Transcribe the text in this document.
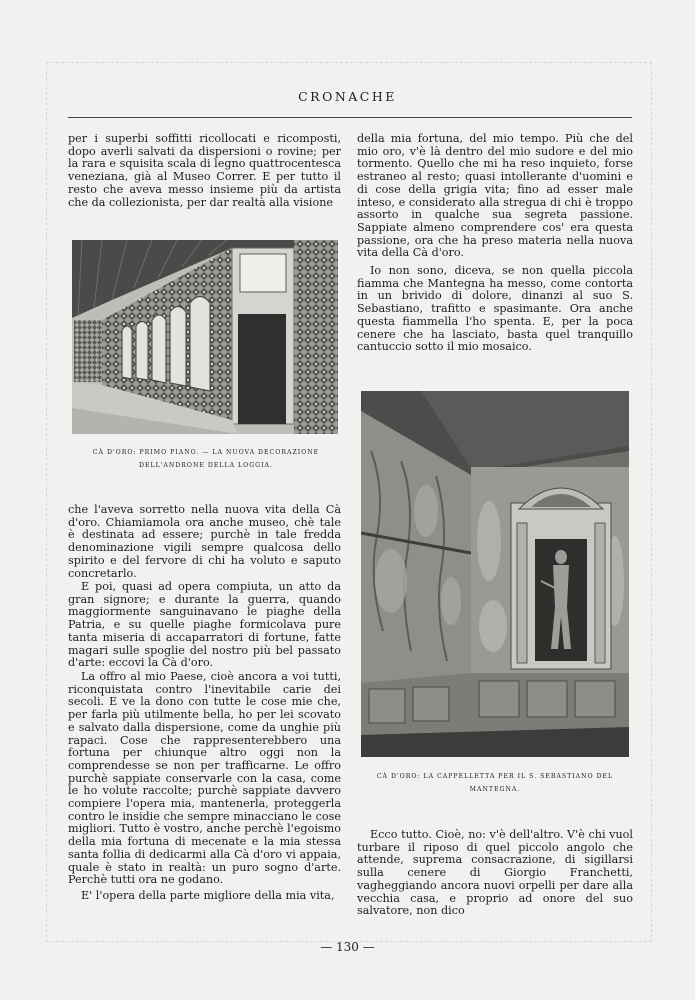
CRONACHE

per i superbi soffitti ricollocati e ricomposti, dopo averli salvati da dispersioni o rovine; per la rara e squisita scala di legno quattrocentesca veneziana, già al Museo Correr. E per tutto il resto che aveva messo insieme più da artista che da collezionista, per dar realtà alla visione

CÀ D'ORO: PRIMO PIANO. — LA NUOVA DECORAZIONE DELL'ANDRONE DELLA LOGGIA.

che l'aveva sorretto nella nuova vita della Cà d'oro. Chiamiamola ora anche museo, chè tale è destinata ad essere; purchè in tale fredda denominazione vigili sempre qualcosa dello spirito e del fervore di chi ha voluto e saputo concretarlo.

E poi, quasi ad opera compiuta, un atto da gran signore; e durante la guerra, quando maggiormente sanguinavano le piaghe della Patria, e su quelle piaghe formicolava pure tanta miseria di accaparratori di fortune, fatte magari sulle spoglie del nostro più bel passato d'arte: eccovi la Cà d'oro.

La offro al mio Paese, cioè ancora a voi tutti, riconquistata contro l'inevitabile carie dei secoli. E ve la dono con tutte le cose mie che, per farla più utilmente bella, ho per lei scovato e salvato dalla dispersione, come da unghie più rapaci. Cose che rappresenterebbero una fortuna per chiunque altro oggi non la comprendesse se non per trafficarne. Le offro purchè sappiate conservarle con la casa, come le ho volute raccolte; purchè sappiate davvero compiere l'opera mia, mantenerla, proteggerla contro le insidie che sempre minacciano le cose migliori. Tutto è vostro, anche perchè l'egoismo della mia fortuna di mecenate e la mia stessa santa follia di dedicarmi alla Cà d'oro vi appaia, quale è stato in realtà: un puro sogno d'arte. Perchè tutti ora ne godano.

E' l'opera della parte migliore della mia vita,

della mia fortuna, del mio tempo. Più che del mio oro, v'è là dentro del mio sudore e del mio tormento. Quello che mi ha reso inquieto, forse estraneo al resto; quasi intollerante d'uomini e di cose della grigia vita; fino ad esser male inteso, e considerato alla stregua di chi è troppo assorto in qualche sua segreta passione. Sappiate almeno comprendere cos' era questa passione, ora che ha preso materia nella nuova vita della Cà d'oro.

Io non sono, diceva, se non quella piccola fiamma che Mantegna ha messo, come contorta in un brivido di dolore, dinanzi al suo S. Sebastiano, trafitto e spasimante. Ora anche questa fiammella l'ho spenta. E, per la poca cenere che ha lasciato, basta quel tranquillo cantuccio sotto il mio mosaico.

CÀ D'ORO: LA CAPPELLETTA PER IL S. SEBASTIANO DEL MANTEGNA.

Ecco tutto. Cioè, no: v'è dell'altro. V'è chi vuol turbare il riposo di quel piccolo angolo che attende, suprema consacrazione, di sigillarsi sulla cenere di Giorgio Franchetti, vagheggiando ancora nuovi orpelli per dare alla vecchia casa, e proprio ad onore del suo salvatore, non dico

— 130 —
